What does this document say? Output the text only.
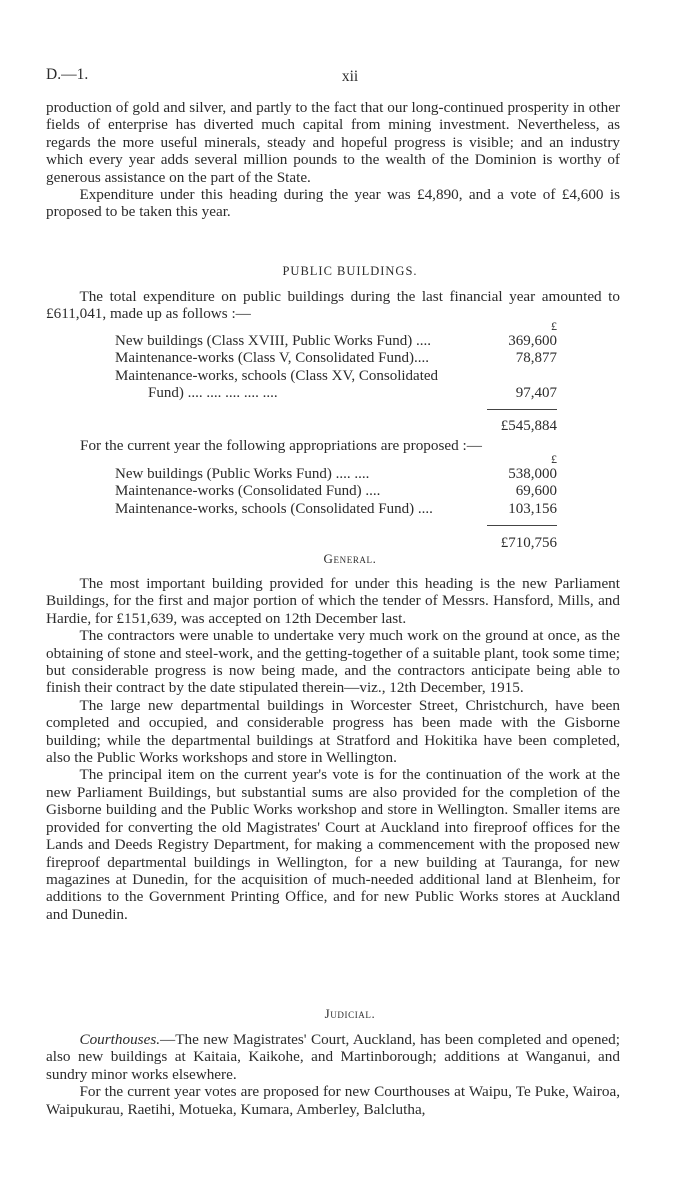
D.—1.	xii

production of gold and silver, and partly to the fact that our long-continued prosperity in other fields of enterprise has diverted much capital from mining investment. Nevertheless, as regards the more useful minerals, steady and hopeful progress is visible; and an industry which every year adds several million pounds to the wealth of the Dominion is worthy of generous assistance on the part of the State.

Expenditure under this heading during the year was £4,890, and a vote of £4,600 is proposed to be taken this year.

PUBLIC BUILDINGS.

The total expenditure on public buildings during the last financial year amounted to £611,041, made up as follows :—

£
New buildings (Class XVIII, Public Works Fund) ....	369,600
Maintenance-works (Class V, Consolidated Fund)....	78,877
Maintenance-works, schools (Class XV, Consolidated
Fund) .... .... .... .... ....	97,407
£545,884
For the current year the following appropriations are proposed :—
£
New buildings (Public Works Fund) .... ....	538,000
Maintenance-works (Consolidated Fund) ....	69,600
Maintenance-works, schools (Consolidated Fund) ....	103,156
£710,756
General.

The most important building provided for under this heading is the new Parliament Buildings, for the first and major portion of which the tender of Messrs. Hansford, Mills, and Hardie, for £151,639, was accepted on 12th December last.

The contractors were unable to undertake very much work on the ground at once, as the obtaining of stone and steel-work, and the getting-together of a suitable plant, took some time; but considerable progress is now being made, and the contractors anticipate being able to finish their contract by the date stipulated therein—viz., 12th December, 1915.

The large new departmental buildings in Worcester Street, Christchurch, have been completed and occupied, and considerable progress has been made with the Gisborne building; while the departmental buildings at Stratford and Hokitika have been completed, also the Public Works workshops and store in Wellington.

The principal item on the current year's vote is for the continuation of the work at the new Parliament Buildings, but substantial sums are also provided for the completion of the Gisborne building and the Public Works workshop and store in Wellington. Smaller items are provided for converting the old Magistrates' Court at Auckland into fireproof offices for the Lands and Deeds Registry Department, for making a commencement with the proposed new fireproof departmental buildings in Wellington, for a new building at Tauranga, for new magazines at Dunedin, for the acquisition of much-needed additional land at Blenheim, for additions to the Government Printing Office, and for new Public Works stores at Auckland and Dunedin.

Judicial.

Courthouses.—The new Magistrates' Court, Auckland, has been completed and opened; also new buildings at Kaitaia, Kaikohe, and Martinborough; additions at Wanganui, and sundry minor works elsewhere.

For the current year votes are proposed for new Courthouses at Waipu, Te Puke, Wairoa, Waipukurau, Raetihi, Motueka, Kumara, Amberley, Balclutha,
